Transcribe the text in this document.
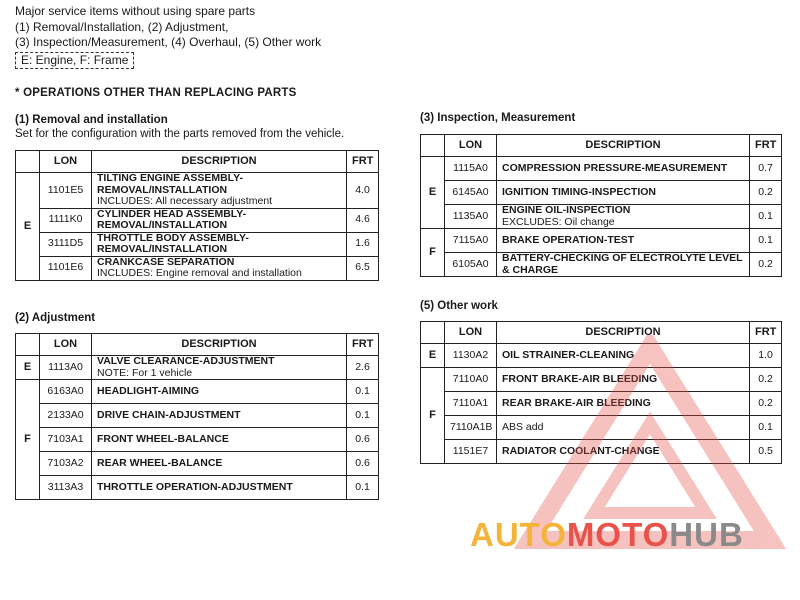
Major service items without using spare parts
(1) Removal/Installation, (2) Adjustment,
(3) Inspection/Measurement, (4) Overhaul, (5) Other work
E: Engine, F: Frame
* OPERATIONS OTHER THAN REPLACING PARTS
(1) Removal and installation
Set for the configuration with the parts removed from the vehicle.
	LON	DESCRIPTION	FRT
E	1101E5	TILTING ENGINE ASSEMBLY-REMOVAL/INSTALLATION
INCLUDES: All necessary adjustment	4.0
	1111K0	CYLINDER HEAD ASSEMBLY-REMOVAL/INSTALLATION	4.6
	3111D5	THROTTLE BODY ASSEMBLY-REMOVAL/INSTALLATION	1.6
	1101E6	CRANKCASE SEPARATION
INCLUDES: Engine removal and installation	6.5
(2) Adjustment
	LON	DESCRIPTION	FRT
E	1113A0	VALVE CLEARANCE-ADJUSTMENT
NOTE: For 1 vehicle	2.6
F	6163A0	HEADLIGHT-AIMING	0.1
	2133A0	DRIVE CHAIN-ADJUSTMENT	0.1
	7103A1	FRONT WHEEL-BALANCE	0.6
	7103A2	REAR WHEEL-BALANCE	0.6
	3113A3	THROTTLE OPERATION-ADJUSTMENT	0.1
(3) Inspection, Measurement
	LON	DESCRIPTION	FRT
E	1115A0	COMPRESSION PRESSURE-MEASUREMENT	0.7
	6145A0	IGNITION TIMING-INSPECTION	0.2
	1135A0	ENGINE OIL-INSPECTION
EXCLUDES: Oil change	0.1
F	7115A0	BRAKE OPERATION-TEST	0.1
	6105A0	BATTERY-CHECKING OF ELECTROLYTE LEVEL & CHARGE	0.2
(5) Other work
	LON	DESCRIPTION	FRT
E	1130A2	OIL STRAINER-CLEANING	1.0
F	7110A0	FRONT BRAKE-AIR BLEEDING	0.2
	7110A1	REAR BRAKE-AIR BLEEDING	0.2
	7110A1B	ABS add	0.1
	1151E7	RADIATOR COOLANT-CHANGE	0.5
AUTOMOTOHUB
